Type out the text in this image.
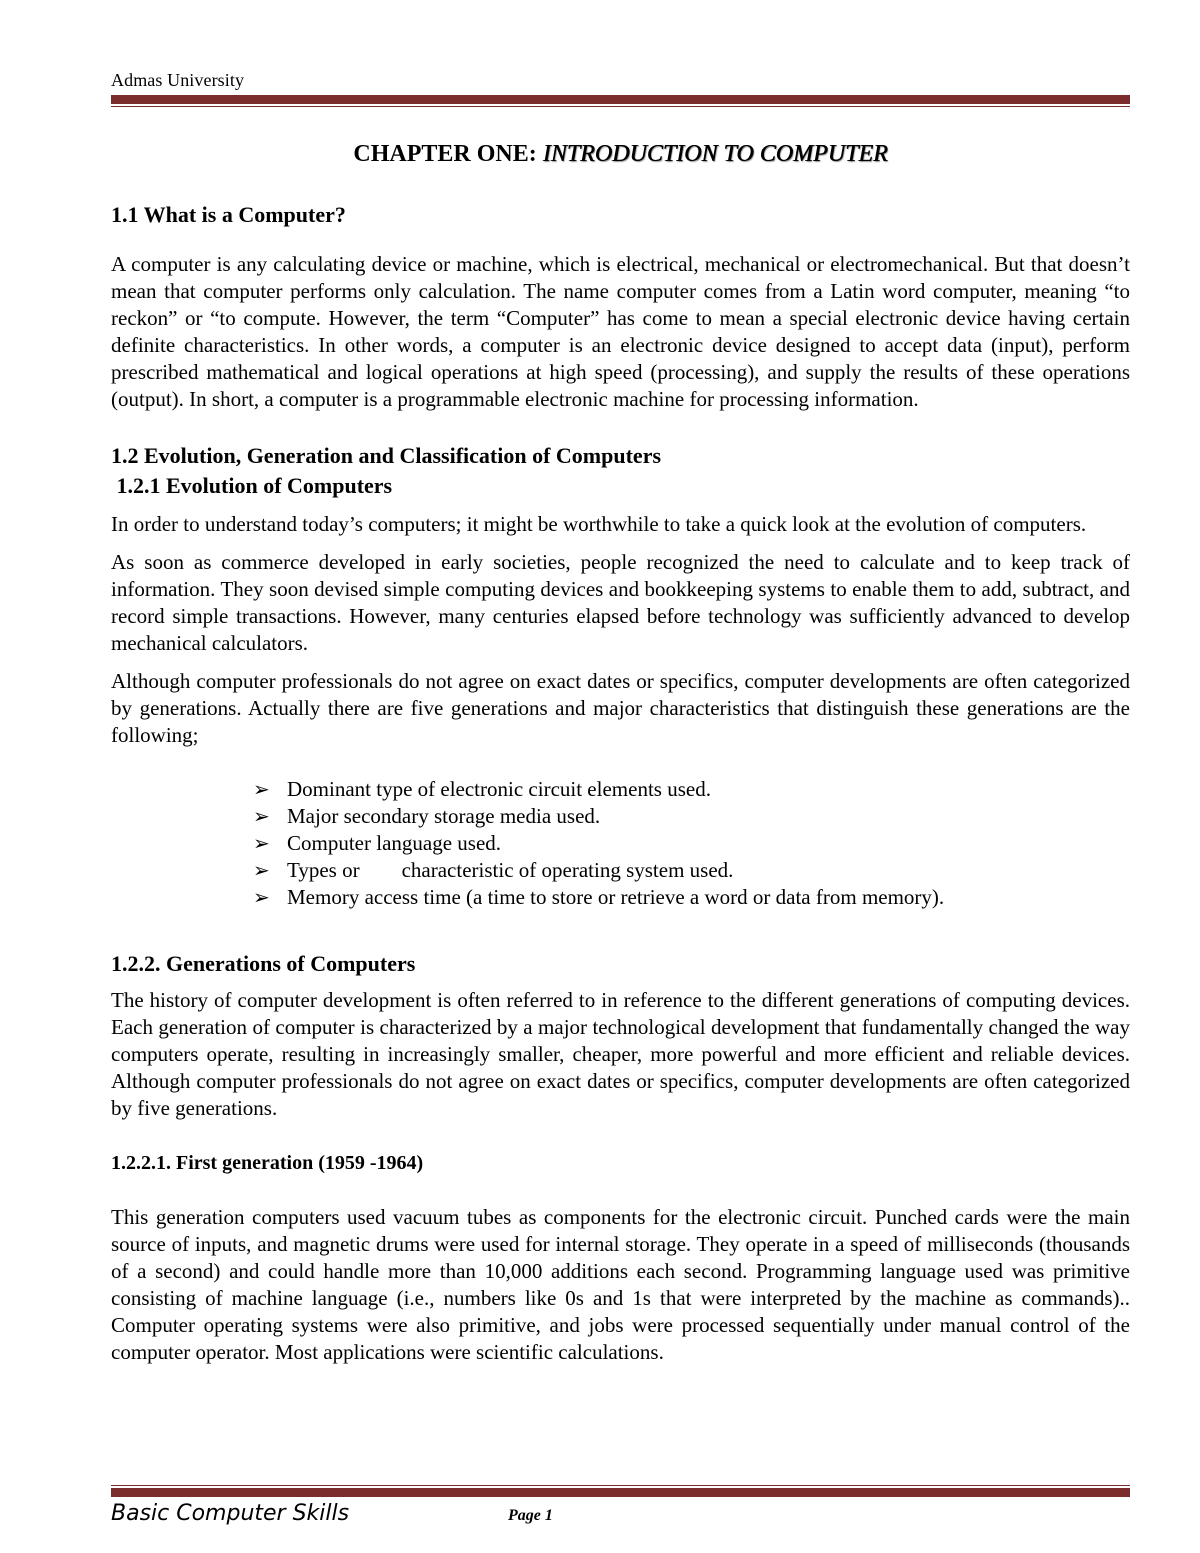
Admas University
CHAPTER ONE: INTRODUCTION TO COMPUTER
1.1 What is a Computer?

A computer is any calculating device or machine, which is electrical, mechanical or electromechanical. But that doesn’t mean that computer performs only calculation. The name computer comes from a Latin word computer, meaning “to reckon” or “to compute. However, the term “Computer” has come to mean a special electronic device having certain definite characteristics. In other words, a computer is an electronic device designed to accept data (input), perform prescribed mathematical and logical operations at high speed (processing), and supply the results of these operations (output). In short, a computer is a programmable electronic machine for processing information.

1.2 Evolution, Generation and Classification of Computers
1.2.1 Evolution of Computers

In order to understand today’s computers; it might be worthwhile to take a quick look at the evolution of computers.

As soon as commerce developed in early societies, people recognized the need to calculate and to keep track of information. They soon devised simple computing devices and bookkeeping systems to enable them to add, subtract, and record simple transactions. However, many centuries elapsed before technology was sufficiently advanced to develop mechanical calculators.

Although computer professionals do not agree on exact dates or specifics, computer developments are often categorized by generations. Actually there are five generations and major characteristics that distinguish these generations are the following;

➢ Dominant type of electronic circuit elements used.
➢ Major secondary storage media used.
➢ Computer language used.
➢ Types or        characteristic of operating system used.
➢ Memory access time (a time to store or retrieve a word or data from memory).
1.2.2. Generations of Computers

The history of computer development is often referred to in reference to the different generations of computing devices. Each generation of computer is characterized by a major technological development that fundamentally changed the way computers operate, resulting in increasingly smaller, cheaper, more powerful and more efficient and reliable devices. Although computer professionals do not agree on exact dates or specifics, computer developments are often categorized by five generations.

1.2.2.1. First generation (1959 -1964)

This generation computers used vacuum tubes as components for the electronic circuit. Punched cards were the main source of inputs, and magnetic drums were used for internal storage. They operate in a speed of milliseconds (thousands of a second) and could handle more than 10,000 additions each second. Programming language used was primitive consisting of machine language (i.e., numbers like 0s and 1s that were interpreted by the machine as commands).. Computer operating systems were also primitive, and jobs were processed sequentially under manual control of the computer operator. Most applications were scientific calculations.

Basic Computer Skills	Page 1
